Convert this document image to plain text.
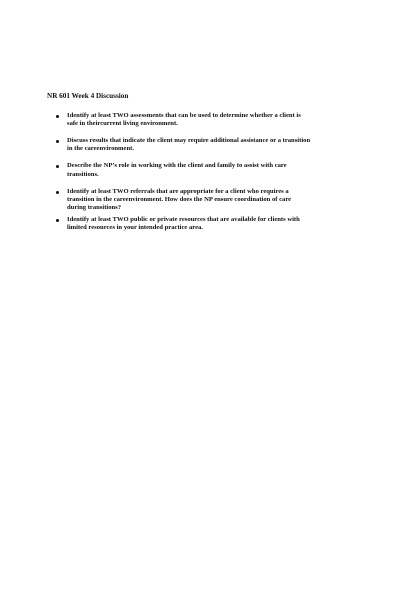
NR 601 Week 4 Discussion
Identify at least TWO assessments that can be used to determine whether a client is
safe in theircurrent living environment.
Discuss results that indicate the client may require additional assistance or a transition
in the careenvironment.
Describe the NP’s role in working with the client and family to assist with care
transitions.
Identify at least TWO referrals that are appropriate for a client who requires a
transition in the careenvironment. How does the NP ensure coordination of care
during transitions?
Identify at least TWO public or private resources that are available for clients with
limited resources in your intended practice area.
